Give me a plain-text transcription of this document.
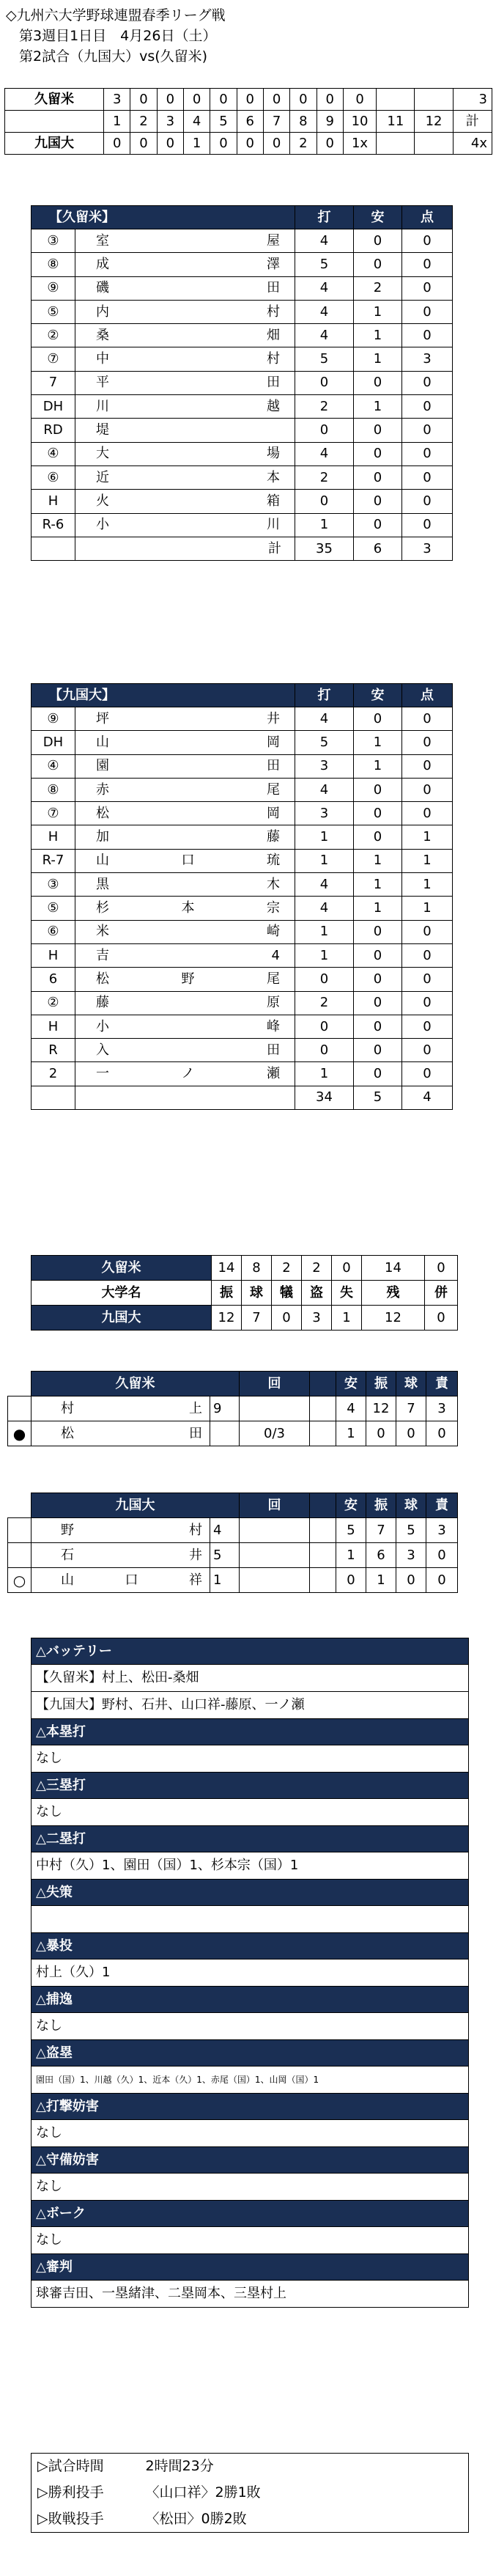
◇九州六大学野球連盟春季リーグ戦
第3週目1日目　4月26日（土）
第2試合（九国大）vs(久留米)
久留米	3	0	0	0	0	0	0	0	0	0			3
	1	2	3	4	5	6	7	8	9	10	11	12	計
九国大	0	0	0	1	0	0	0	2	0	1x			4x
【久留米】		打	安	点
③	室　屋	4	0	0
⑧	成　澤	5	0	0
⑨	磯　田	4	2	0
⑤	内　村	4	1	0
②	桑　畑	4	1	0
⑦	中　村	5	1	3
7	平　田	0	0	0
DH	川　越	2	1	0
RD	堤	0	0	0
④	大　場	4	0	0
⑥	近　本	2	0	0
H	火　箱	0	0	0
R-6	小　川	1	0	0
	計	35	6	3
【九国大】		打	安	点
⑨	坪　井	4	0	0
DH	山　岡	5	1	0
④	園　田	3	1	0
⑧	赤　尾	4	0	0
⑦	松　岡	3	0	0
H	加　藤	1	0	1
R-7	山　口　琉	1	1	1
③	黒　木	4	1	1
⑤	杉　本　宗	4	1	1
⑥	米　崎	1	0	0
H	吉　4	1	0	0
6	松　野　尾	0	0	0
②	藤　原	2	0	0
H	小　峰	0	0	0
R	入　田	0	0	0
2	一　ノ　瀬	1	0	0
		34	5	4
久留米	14	8	2	2	0	14	0
大学名	振	球	犠	盗	失	残	併
九国大	12	7	0	3	1	12	0
	久留米		回		安	振	球	責
	村　上	9			4	12	7	3
●	松　田		0/3		1	0	0	0
	九国大		回		安	振	球	責
	野　村	4			5	7	5	3
	石　井	5			1	6	3	0
○	山　口　祥	1			0	1	0	0
△バッテリー
【久留米】村上、松田-桑畑
【九国大】野村、石井、山口祥-藤原、一ノ瀬
△本塁打
なし
△三塁打
なし
△二塁打
中村（久）1、園田（国）1、杉本宗（国）1
△失策

△暴投
村上（久）1
△捕逸
なし
△盗塁
園田（国）1、川越（久）1、近本（久）1、赤尾（国）1、山岡（国）1
△打撃妨害
なし
△守備妨害
なし
△ボーク
なし
△審判
球審吉田、一塁緒津、二塁岡本、三塁村上
▷試合時間	2時間23分
▷勝利投手	〈山口祥〉2勝1敗
▷敗戦投手	〈松田〉0勝2敗
